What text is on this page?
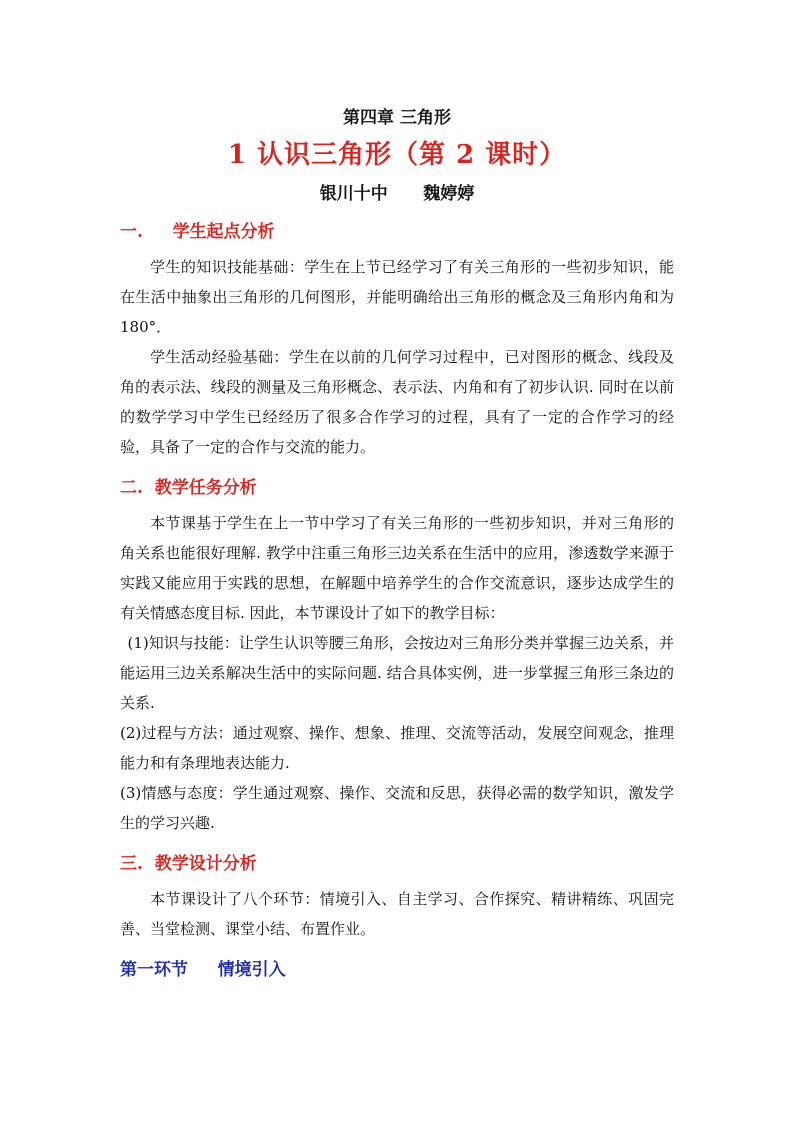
第四章 三角形

1 认识三角形（第 2 课时）

银川十中      魏婷婷

一.     学生起点分析

学生的知识技能基础：学生在上节已经学习了有关三角形的一些初步知识，能在生活中抽象出三角形的几何图形，并能明确给出三角形的概念及三角形内角和为 180°．

学生活动经验基础：学生在以前的几何学习过程中，已对图形的概念、线段及角的表示法、线段的测量及三角形概念、表示法、内角和有了初步认识. 同时在以前的数学学习中学生已经经历了很多合作学习的过程，具有了一定的合作学习的经验，具备了一定的合作与交流的能力。

二.  教学任务分析

本节课基于学生在上一节中学习了有关三角形的一些初步知识，并对三角形的角关系也能很好理解. 教学中注重三角形三边关系在生活中的应用，渗透数学来源于实践又能应用于实践的思想，在解题中培养学生的合作交流意识，逐步达成学生的有关情感态度目标. 因此，本节课设计了如下的教学目标：

(1)知识与技能：让学生认识等腰三角形，会按边对三角形分类并掌握三边关系，并能运用三边关系解决生活中的实际问题. 结合具体实例，进一步掌握三角形三条边的关系.

(2)过程与方法：通过观察、操作、想象、推理、交流等活动，发展空间观念，推理能力和有条理地表达能力.

(3)情感与态度：学生通过观察、操作、交流和反思，获得必需的数学知识，激发学生的学习兴趣.

三.  教学设计分析

本节课设计了八个环节：情境引入、自主学习、合作探究、精讲精练、巩固完善、当堂检测、课堂小结、布置作业。

第一环节     情境引入
